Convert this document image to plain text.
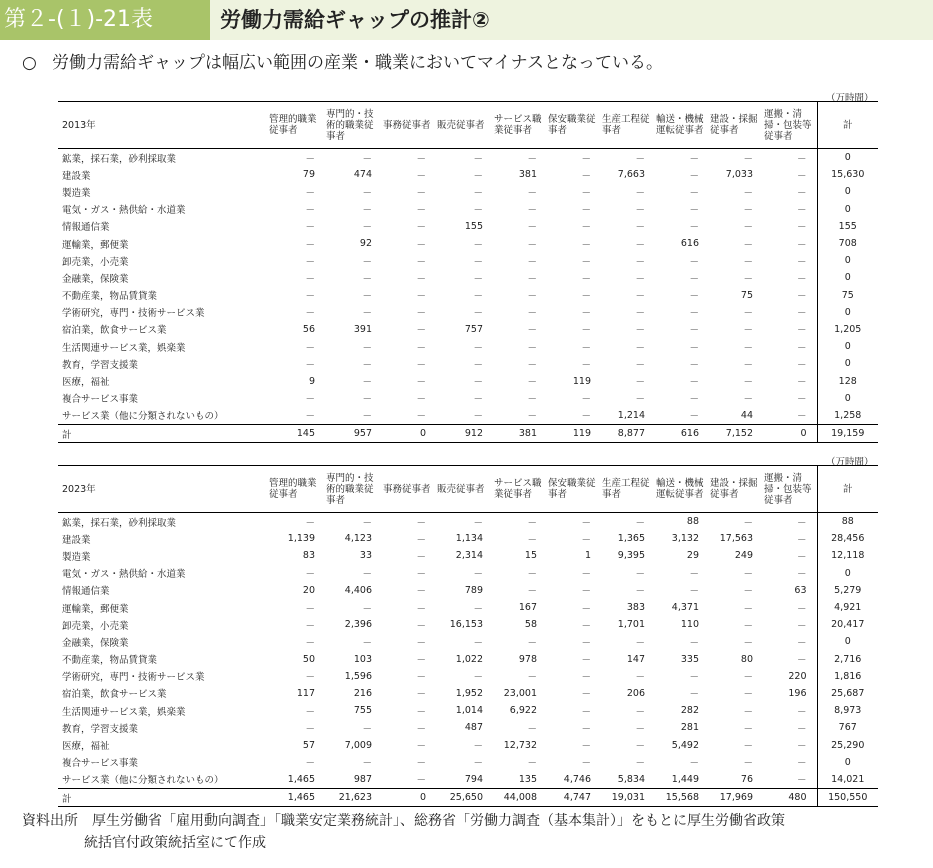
第２-(１)-21表	労働力需給ギャップの推計②
○ 労働力需給ギャップは幅広い範囲の産業・職業においてマイナスとなっている。
（万時間）
2013年	管理的職業従事者	専門的・技術的職業従事者	事務従事者	販売従事者	サービス職業従事者	保安職業従事者	生産工程従事者	輸送・機械運転従事者	建設・採掘従事者	運搬・清掃・包装等従事者	計
鉱業，採石業，砂利採取業	－	－	－	－	－	－	－	－	－	－	0
建設業	79	474	－	－	381	－	7,663	－	7,033	－	15,630
製造業	－	－	－	－	－	－	－	－	－	－	0
電気・ガス・熱供給・水道業	－	－	－	－	－	－	－	－	－	－	0
情報通信業	－	－	－	155	－	－	－	－	－	－	155
運輸業，郵便業	－	92	－	－	－	－	－	616	－	－	708
卸売業，小売業	－	－	－	－	－	－	－	－	－	－	0
金融業，保険業	－	－	－	－	－	－	－	－	－	－	0
不動産業，物品賃貸業	－	－	－	－	－	－	－	－	75	－	75
学術研究，専門・技術サービス業	－	－	－	－	－	－	－	－	－	－	0
宿泊業，飲食サービス業	56	391	－	757	－	－	－	－	－	－	1,205
生活関連サービス業，娯楽業	－	－	－	－	－	－	－	－	－	－	0
教育，学習支援業	－	－	－	－	－	－	－	－	－	－	0
医療，福祉	9	－	－	－	－	119	－	－	－	－	128
複合サービス事業	－	－	－	－	－	－	－	－	－	－	0
サービス業（他に分類されないもの）	－	－	－	－	－	－	1,214	－	44	－	1,258
計	145	957	0	912	381	119	8,877	616	7,152	0	19,159
（万時間）
2023年	管理的職業従事者	専門的・技術的職業従事者	事務従事者	販売従事者	サービス職業従事者	保安職業従事者	生産工程従事者	輸送・機械運転従事者	建設・採掘従事者	運搬・清掃・包装等従事者	計
鉱業，採石業，砂利採取業	－	－	－	－	－	－	－	88	－	－	88
建設業	1,139	4,123	－	1,134	－	－	1,365	3,132	17,563	－	28,456
製造業	83	33	－	2,314	15	1	9,395	29	249	－	12,118
電気・ガス・熱供給・水道業	－	－	－	－	－	－	－	－	－	－	0
情報通信業	20	4,406	－	789	－	－	－	－	－	63	5,279
運輸業，郵便業	－	－	－	－	167	－	383	4,371	－	－	4,921
卸売業，小売業	－	2,396	－	16,153	58	－	1,701	110	－	－	20,417
金融業，保険業	－	－	－	－	－	－	－	－	－	－	0
不動産業，物品賃貸業	50	103	－	1,022	978	－	147	335	80	－	2,716
学術研究，専門・技術サービス業	－	1,596	－	－	－	－	－	－	－	220	1,816
宿泊業，飲食サービス業	117	216	－	1,952	23,001	－	206	－	－	196	25,687
生活関連サービス業，娯楽業	－	755	－	1,014	6,922	－	－	282	－	－	8,973
教育，学習支援業	－	－	－	487	－	－	－	281	－	－	767
医療，福祉	57	7,009	－	－	12,732	－	－	5,492	－	－	25,290
複合サービス事業	－	－	－	－	－	－	－	－	－	－	0
サービス業（他に分類されないもの）	1,465	987	－	794	135	4,746	5,834	1,449	76	－	14,021
計	1,465	21,623	0	25,650	44,008	4,747	19,031	15,568	17,969	480	150,550
資料出所　厚生労働省「雇用動向調査」「職業安定業務統計」、総務省「労働力調査（基本集計）」をもとに厚生労働省政策
統括官付政策統括室にて作成
